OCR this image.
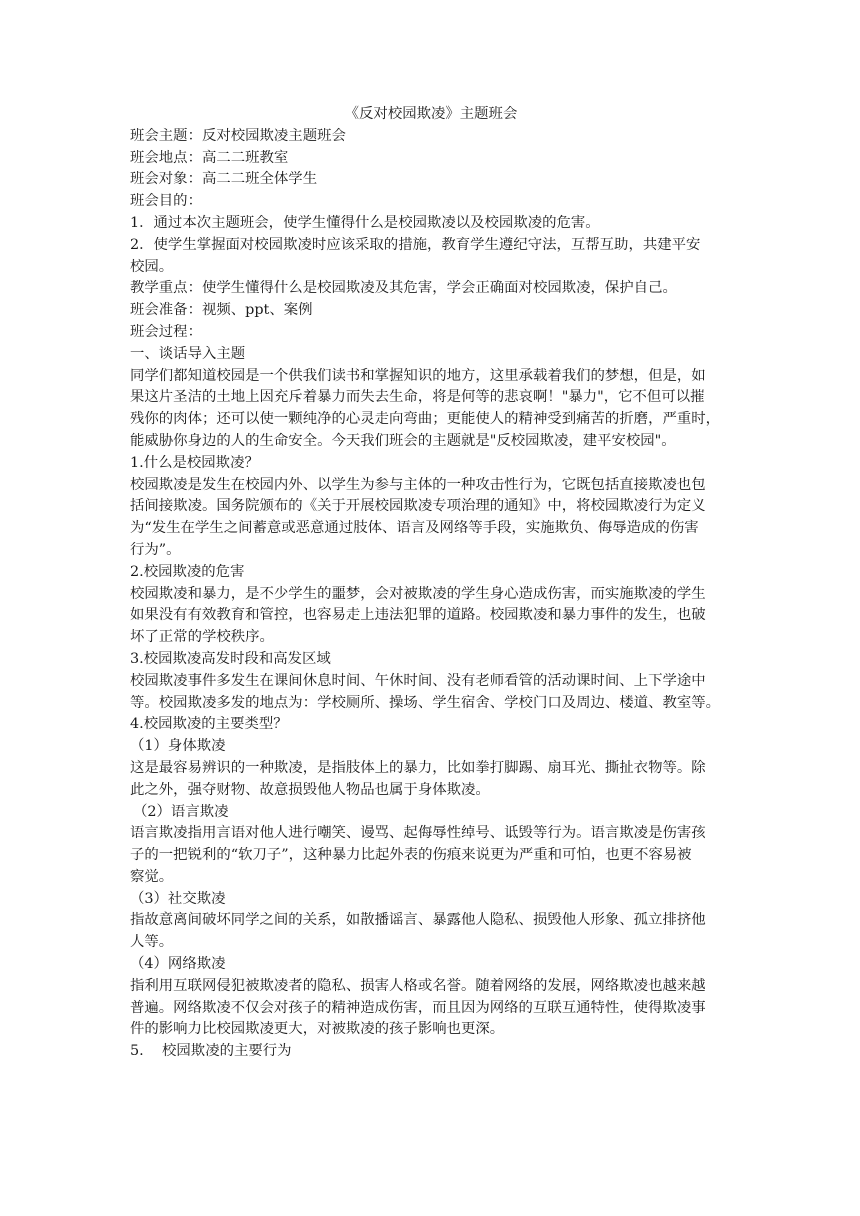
《反对校园欺凌》主题班会
班会主题：反对校园欺凌主题班会
班会地点：高二二班教室
班会对象：高二二班全体学生
班会目的：
1．通过本次主题班会，使学生懂得什么是校园欺凌以及校园欺凌的危害。
2．使学生掌握面对校园欺凌时应该采取的措施，教育学生遵纪守法，互帮互助，共建平安
校园。
教学重点：使学生懂得什么是校园欺凌及其危害，学会正确面对校园欺凌，保护自己。
班会准备：视频、ppt、案例
班会过程：
一、谈话导入主题
同学们都知道校园是一个供我们读书和掌握知识的地方，这里承载着我们的梦想，但是，如
果这片圣洁的土地上因充斥着暴力而失去生命，将是何等的悲哀啊！"暴力"，它不但可以摧
残你的肉体；还可以使一颗纯净的心灵走向弯曲；更能使人的精神受到痛苦的折磨，严重时，
能威胁你身边的人的生命安全。今天我们班会的主题就是"反校园欺凌，建平安校园"。
1.什么是校园欺凌？
校园欺凌是发生在校园内外、以学生为参与主体的一种攻击性行为，它既包括直接欺凌也包
括间接欺凌。国务院颁布的《关于开展校园欺凌专项治理的通知》中，将校园欺凌行为定义
为“发生在学生之间蓄意或恶意通过肢体、语言及网络等手段，实施欺负、侮辱造成的伤害
行为”。
2.校园欺凌的危害
校园欺凌和暴力，是不少学生的噩梦，会对被欺凌的学生身心造成伤害，而实施欺凌的学生
如果没有有效教育和管控，也容易走上违法犯罪的道路。校园欺凌和暴力事件的发生，也破
坏了正常的学校秩序。
3.校园欺凌高发时段和高发区域
校园欺凌事件多发生在课间休息时间、午休时间、没有老师看管的活动课时间、上下学途中
等。校园欺凌多发的地点为：学校厕所、操场、学生宿舍、学校门口及周边、楼道、教室等。
4.校园欺凌的主要类型？
（1）身体欺凌
这是最容易辨识的一种欺凌，是指肢体上的暴力，比如拳打脚踢、扇耳光、撕扯衣物等。除
此之外，强夺财物、故意损毁他人物品也属于身体欺凌。
（2）语言欺凌
语言欺凌指用言语对他人进行嘲笑、谩骂、起侮辱性绰号、诋毁等行为。语言欺凌是伤害孩
子的一把锐利的“软刀子”，这种暴力比起外表的伤痕来说更为严重和可怕，也更不容易被
察觉。
（3）社交欺凌
指故意离间破坏同学之间的关系，如散播谣言、暴露他人隐私、损毁他人形象、孤立排挤他
人等。
（4）网络欺凌
指利用互联网侵犯被欺凌者的隐私、损害人格或名誉。随着网络的发展，网络欺凌也越来越
普遍。网络欺凌不仅会对孩子的精神造成伤害，而且因为网络的互联互通特性，使得欺凌事
件的影响力比校园欺凌更大，对被欺凌的孩子影响也更深。
5.    校园欺凌的主要行为
